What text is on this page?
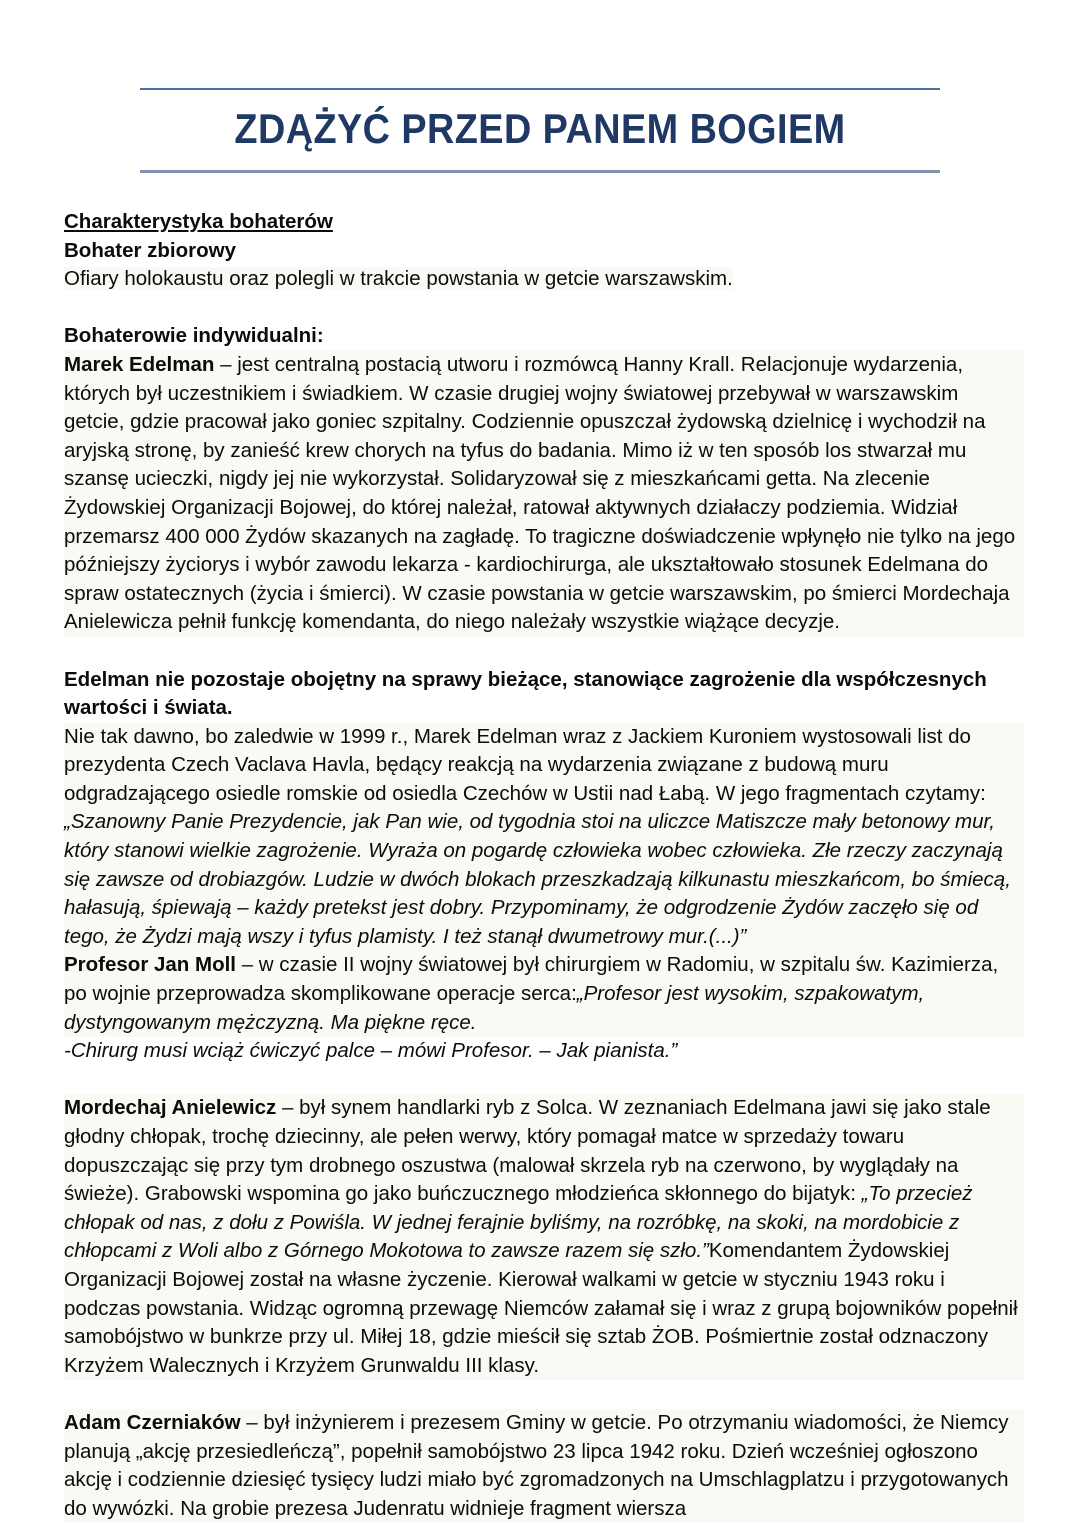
ZDĄŻYĆ PRZED PANEM BOGIEM

Charakterystyka bohaterów

Bohater zbiorowy

Ofiary holokaustu oraz polegli w trakcie powstania w getcie warszawskim.

Bohaterowie indywidualni:

Marek Edelman – jest centralną postacią utworu i rozmówcą Hanny Krall. Relacjonuje wydarzenia, których był uczestnikiem i świadkiem. W czasie drugiej wojny światowej przebywał w warszawskim getcie, gdzie pracował jako goniec szpitalny. Codziennie opuszczał żydowską dzielnicę i wychodził na aryjską stronę, by zanieść krew chorych na tyfus do badania. Mimo iż w ten sposób los stwarzał mu szansę ucieczki, nigdy jej nie wykorzystał. Solidaryzował się z mieszkańcami getta. Na zlecenie Żydowskiej Organizacji Bojowej, do której należał, ratował aktywnych działaczy podziemia. Widział przemarsz 400 000 Żydów skazanych na zagładę. To tragiczne doświadczenie wpłynęło nie tylko na jego późniejszy życiorys i wybór zawodu lekarza - kardiochirurga, ale ukształtowało stosunek Edelmana do spraw ostatecznych (życia i śmierci). W czasie powstania w getcie warszawskim, po śmierci Mordechaja Anielewicza pełnił funkcję komendanta, do niego należały wszystkie wiążące decyzje.

Edelman nie pozostaje obojętny na sprawy bieżące, stanowiące zagrożenie dla współczesnych wartości i świata.

Nie tak dawno, bo zaledwie w 1999 r., Marek Edelman wraz z Jackiem Kuroniem wystosowali list do prezydenta Czech Vaclava Havla, będący reakcją na wydarzenia związane z budową muru odgradzającego osiedle romskie od osiedla Czechów w Ustii nad Łabą. W jego fragmentach czytamy: „Szanowny Panie Prezydencie, jak Pan wie, od tygodnia stoi na uliczce Matiszcze mały betonowy mur, który stanowi wielkie zagrożenie. Wyraża on pogardę człowieka wobec człowieka. Złe rzeczy zaczynają się zawsze od drobiazgów. Ludzie w dwóch blokach przeszkadzają kilkunastu mieszkańcom, bo śmiecą, hałasują, śpiewają – każdy pretekst jest dobry. Przypominamy, że odgrodzenie Żydów zaczęło się od tego, że Żydzi mają wszy i tyfus plamisty. I też stanął dwumetrowy mur.(...)”

Profesor Jan Moll – w czasie II wojny światowej był chirurgiem w Radomiu, w szpitalu św. Kazimierza, po wojnie przeprowadza skomplikowane operacje serca:„Profesor jest wysokim, szpakowatym, dystyngowanym mężczyzną. Ma piękne ręce.

-Chirurg musi wciąż ćwiczyć palce – mówi Profesor. – Jak pianista.”

Mordechaj Anielewicz – był synem handlarki ryb z Solca. W zeznaniach Edelmana jawi się jako stale głodny chłopak, trochę dziecinny, ale pełen werwy, który pomagał matce w sprzedaży towaru dopuszczając się przy tym drobnego oszustwa (malował skrzela ryb na czerwono, by wyglądały na świeże). Grabowski wspomina go jako buńczucznego młodzieńca skłonnego do bijatyk: „To przecież chłopak od nas, z dołu z Powiśla. W jednej ferajnie byliśmy, na rozróbkę, na skoki, na mordobicie z chłopcami z Woli albo z Górnego Mokotowa to zawsze razem się szło.”Komendantem Żydowskiej Organizacji Bojowej został na własne życzenie. Kierował walkami w getcie w styczniu 1943 roku i podczas powstania. Widząc ogromną przewagę Niemców załamał się i wraz z grupą bojowników popełnił samobójstwo w bunkrze przy ul. Miłej 18, gdzie mieścił się sztab ŻOB. Pośmiertnie został odznaczony Krzyżem Walecznych i Krzyżem Grunwaldu III klasy.

Adam Czerniaków – był inżynierem i prezesem Gminy w getcie. Po otrzymaniu wiadomości, że Niemcy planują „akcję przesiedleńczą”, popełnił samobójstwo 23 lipca 1942 roku. Dzień wcześniej ogłoszono akcję i codziennie dziesięć tysięcy ludzi miało być zgromadzonych na Umschlagplatzu i przygotowanych do wywózki. Na grobie prezesa Judenratu widnieje fragment wiersza
